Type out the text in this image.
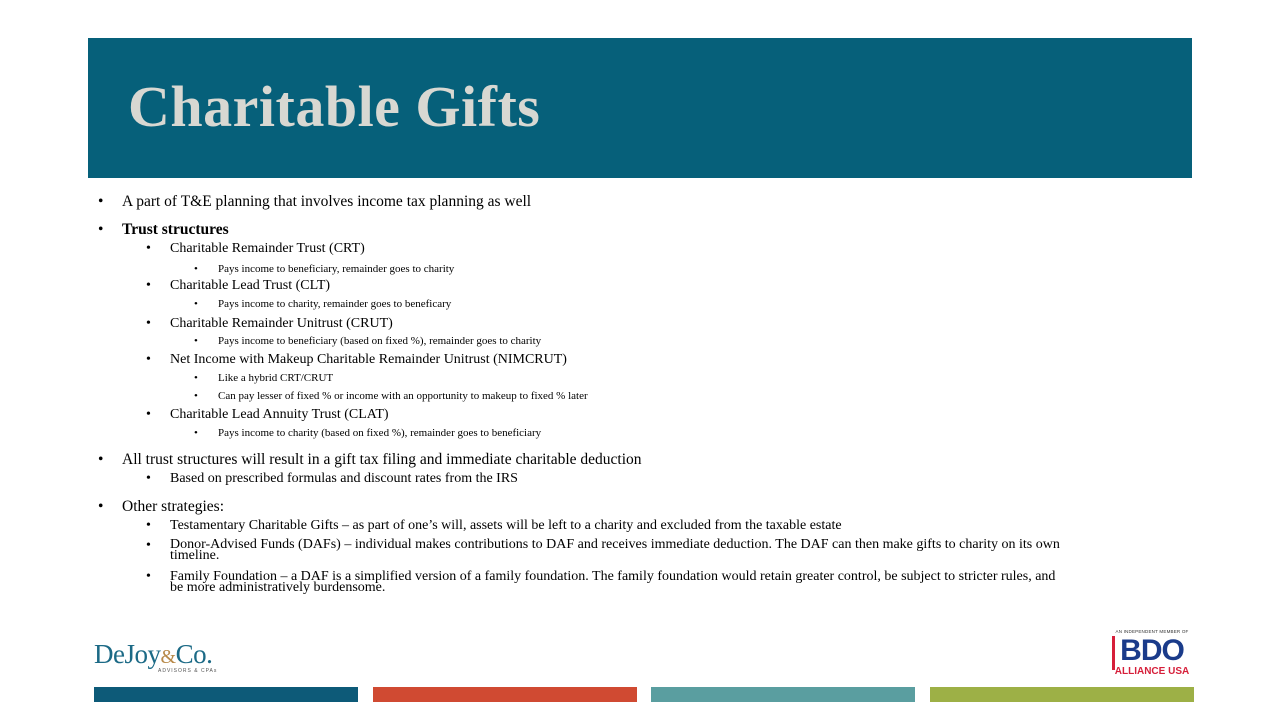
Charitable Gifts
• A part of T&E planning that involves income tax planning as well
• Trust structures
• Charitable Remainder Trust (CRT)
• Pays income to beneficiary, remainder goes to charity
• Charitable Lead Trust (CLT)
• Pays income to charity, remainder goes to beneficary
• Charitable Remainder Unitrust (CRUT)
• Pays income to beneficiary (based on fixed %), remainder goes to charity
• Net Income with Makeup Charitable Remainder Unitrust (NIMCRUT)
• Like a hybrid CRT/CRUT
• Can pay lesser of fixed % or income with an opportunity to makeup to fixed % later
• Charitable Lead Annuity Trust (CLAT)
• Pays income to charity (based on fixed %), remainder goes to beneficiary
• All trust structures will result in a gift tax filing and immediate charitable deduction
• Based on prescribed formulas and discount rates from the IRS
• Other strategies:
• Testamentary Charitable Gifts – as part of one’s will, assets will be left to a charity and excluded from the taxable estate
• Donor-Advised Funds (DAFs) – individual makes contributions to DAF and receives immediate deduction. The DAF can then make gifts to charity on its own timeline.
• Family Foundation – a DAF is a simplified version of a family foundation. The family foundation would retain greater control, be subject to stricter rules, and be more administratively burdensome.
DeJoy&Co.
ADVISORS & CPAs
AN INDEPENDENT MEMBER OF
BDO
ALLIANCE USA
